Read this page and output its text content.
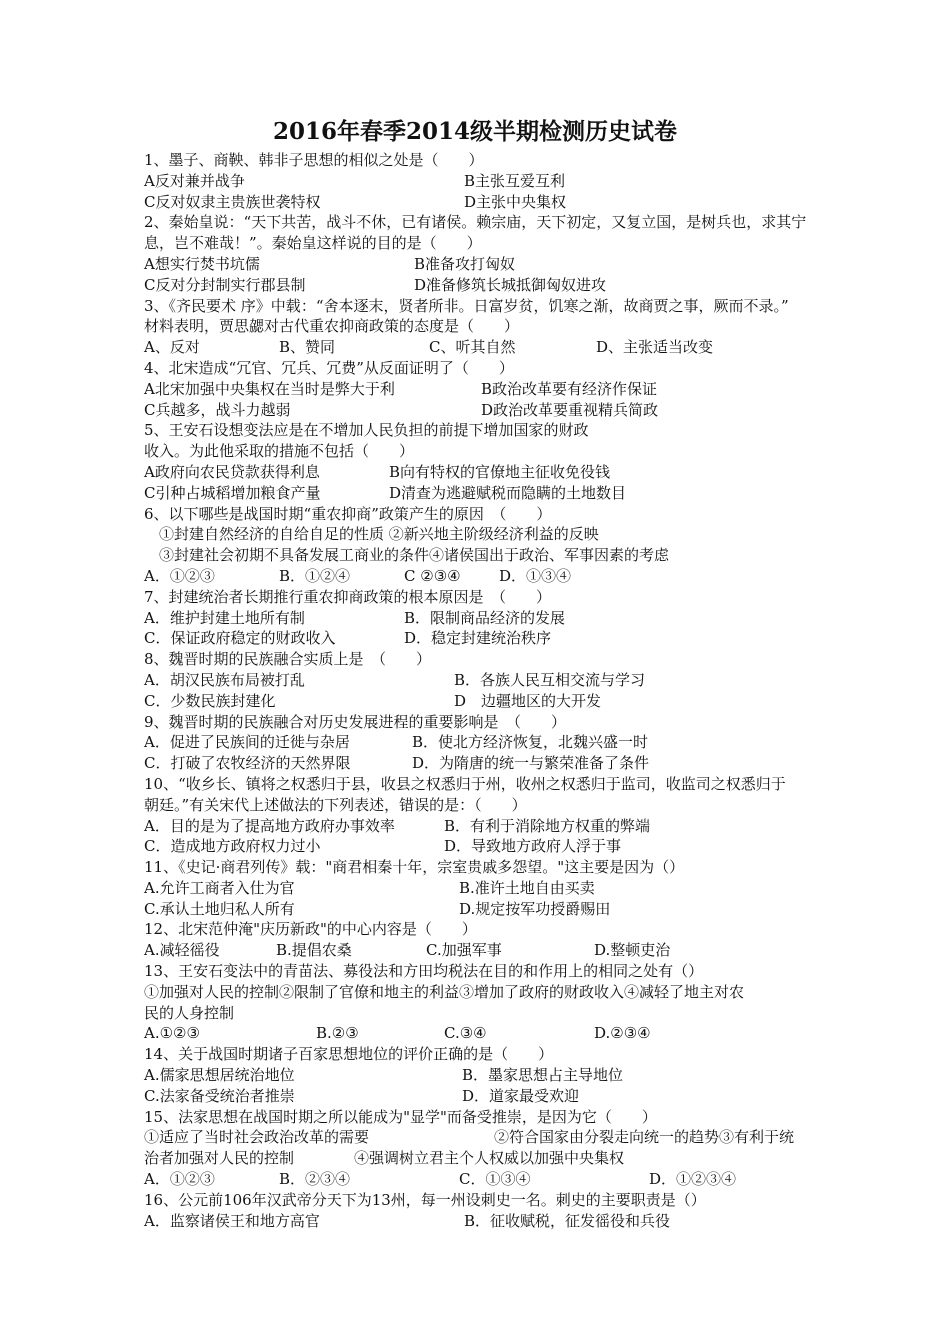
2016年春季2014级半期检测历史试卷
1、墨子、商鞅、韩非子思想的相似之处是（　　）
A反对兼并战争	B主张互爱互利
C反对奴隶主贵族世袭特权	D主张中央集权
2、秦始皇说：“天下共苦，战斗不休，已有诸侯。赖宗庙，天下初定，又复立国，是树兵也，求其宁
息，岂不难哉！”。秦始皇这样说的目的是（　　）
A想实行焚书坑儒	B准备攻打匈奴
C反对分封制实行郡县制	D准备修筑长城抵御匈奴进攻
3、《齐民要术 序》中载：“舍本逐末，贤者所非。日富岁贫，饥寒之渐，故商贾之事，厥而不录。”
材料表明，贾思勰对古代重农抑商政策的态度是（　　）
A、反对	B、赞同	C、听其自然	D、主张适当改变
4、北宋造成“冗官、冗兵、冗费”从反面证明了（　　）
A北宋加强中央集权在当时是弊大于利	B政治改革要有经济作保证
C兵越多，战斗力越弱	D政治改革要重视精兵简政
5、王安石设想变法应是在不增加人民负担的前提下增加国家的财政
收入。为此他采取的措施不包括（　　）
A政府向农民贷款获得利息	B向有特权的官僚地主征收免役钱
C引种占城稻增加粮食产量	D清查为逃避赋税而隐瞒的土地数目
6、以下哪些是战国时期“重农抑商”政策产生的原因　（　　）
　①封建自然经济的自给自足的性质 ②新兴地主阶级经济利益的反映
　③封建社会初期不具备发展工商业的条件④诸侯国出于政治、军事因素的考虑
A．①②③	B．①②④	C ②③④	D．①③④
7、封建统治者长期推行重农抑商政策的根本原因是　（　　）
A．维护封建土地所有制	B．限制商品经济的发展
C．保证政府稳定的财政收入	D．稳定封建统治秩序
8、魏晋时期的民族融合实质上是　（　　）
A．胡汉民族布局被打乱	B．各族人民互相交流与学习
C．少数民族封建化	D　边疆地区的大开发
9、魏晋时期的民族融合对历史发展进程的重要影响是　（　　）
A．促进了民族间的迁徙与杂居	B．使北方经济恢复，北魏兴盛一时
C．打破了农牧经济的天然界限	D．为隋唐的统一与繁荣准备了条件
10、“收乡长、镇将之权悉归于县，收县之权悉归于州，收州之权悉归于监司，收监司之权悉归于
朝廷。”有关宋代上述做法的下列表述，错误的是：（　　）
A．目的是为了提高地方政府办事效率	B．有利于消除地方权重的弊端
C．造成地方政府权力过小	D．导致地方政府人浮于事
11、《史记·商君列传》载："商君相秦十年，宗室贵戚多怨望。"这主要是因为（）
A.允许工商者入仕为官	B.准许土地自由买卖
C.承认土地归私人所有	D.规定按军功授爵赐田
12、北宋范仲淹"庆历新政"的中心内容是（　　）
A.减轻徭役	B.提倡农桑	C.加强军事	D.整顿吏治
13、王安石变法中的青苗法、募役法和方田均税法在目的和作用上的相同之处有（）
①加强对人民的控制②限制了官僚和地主的利益③增加了政府的财政收入④减轻了地主对农
民的人身控制
A.①②③	B.②③	C.③④	D.②③④
14、关于战国时期诸子百家思想地位的评价正确的是（　　）
A.儒家思想居统治地位	B．墨家思想占主导地位
C.法家备受统治者推崇	D．道家最受欢迎
15、法家思想在战国时期之所以能成为"显学"而备受推崇，是因为它（　　）
①适应了当时社会政治改革的需要	②符合国家由分裂走向统一的趋势③有利于统
治者加强对人民的控制	④强调树立君主个人权威以加强中央集权
A．①②③	B．②③④	C．①③④	D．①②③④
16、公元前106年汉武帝分天下为13州，每一州设刺史一名。刺史的主要职责是（）
A．监察诸侯王和地方高官	B．征收赋税，征发徭役和兵役
